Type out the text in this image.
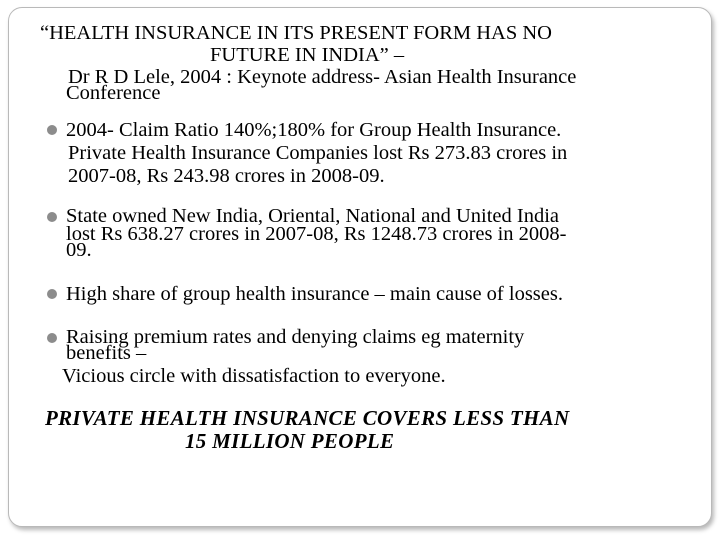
“HEALTH INSURANCE IN ITS PRESENT FORM HAS NO
FUTURE IN INDIA” –
Dr R D Lele, 2004 : Keynote address- Asian Health Insurance
Conference
2004- Claim Ratio 140%;180% for Group Health Insurance.
Private Health Insurance Companies lost Rs 273.83 crores in
2007-08, Rs 243.98 crores in 2008-09.
State owned New India, Oriental, National and United India
lost Rs 638.27 crores in 2007-08, Rs 1248.73 crores in 2008-
09.
High share of group health insurance – main cause of losses.
Raising premium rates and denying claims eg maternity
benefits –
Vicious circle with dissatisfaction to everyone.
PRIVATE HEALTH INSURANCE COVERS LESS THAN
15 MILLION PEOPLE
